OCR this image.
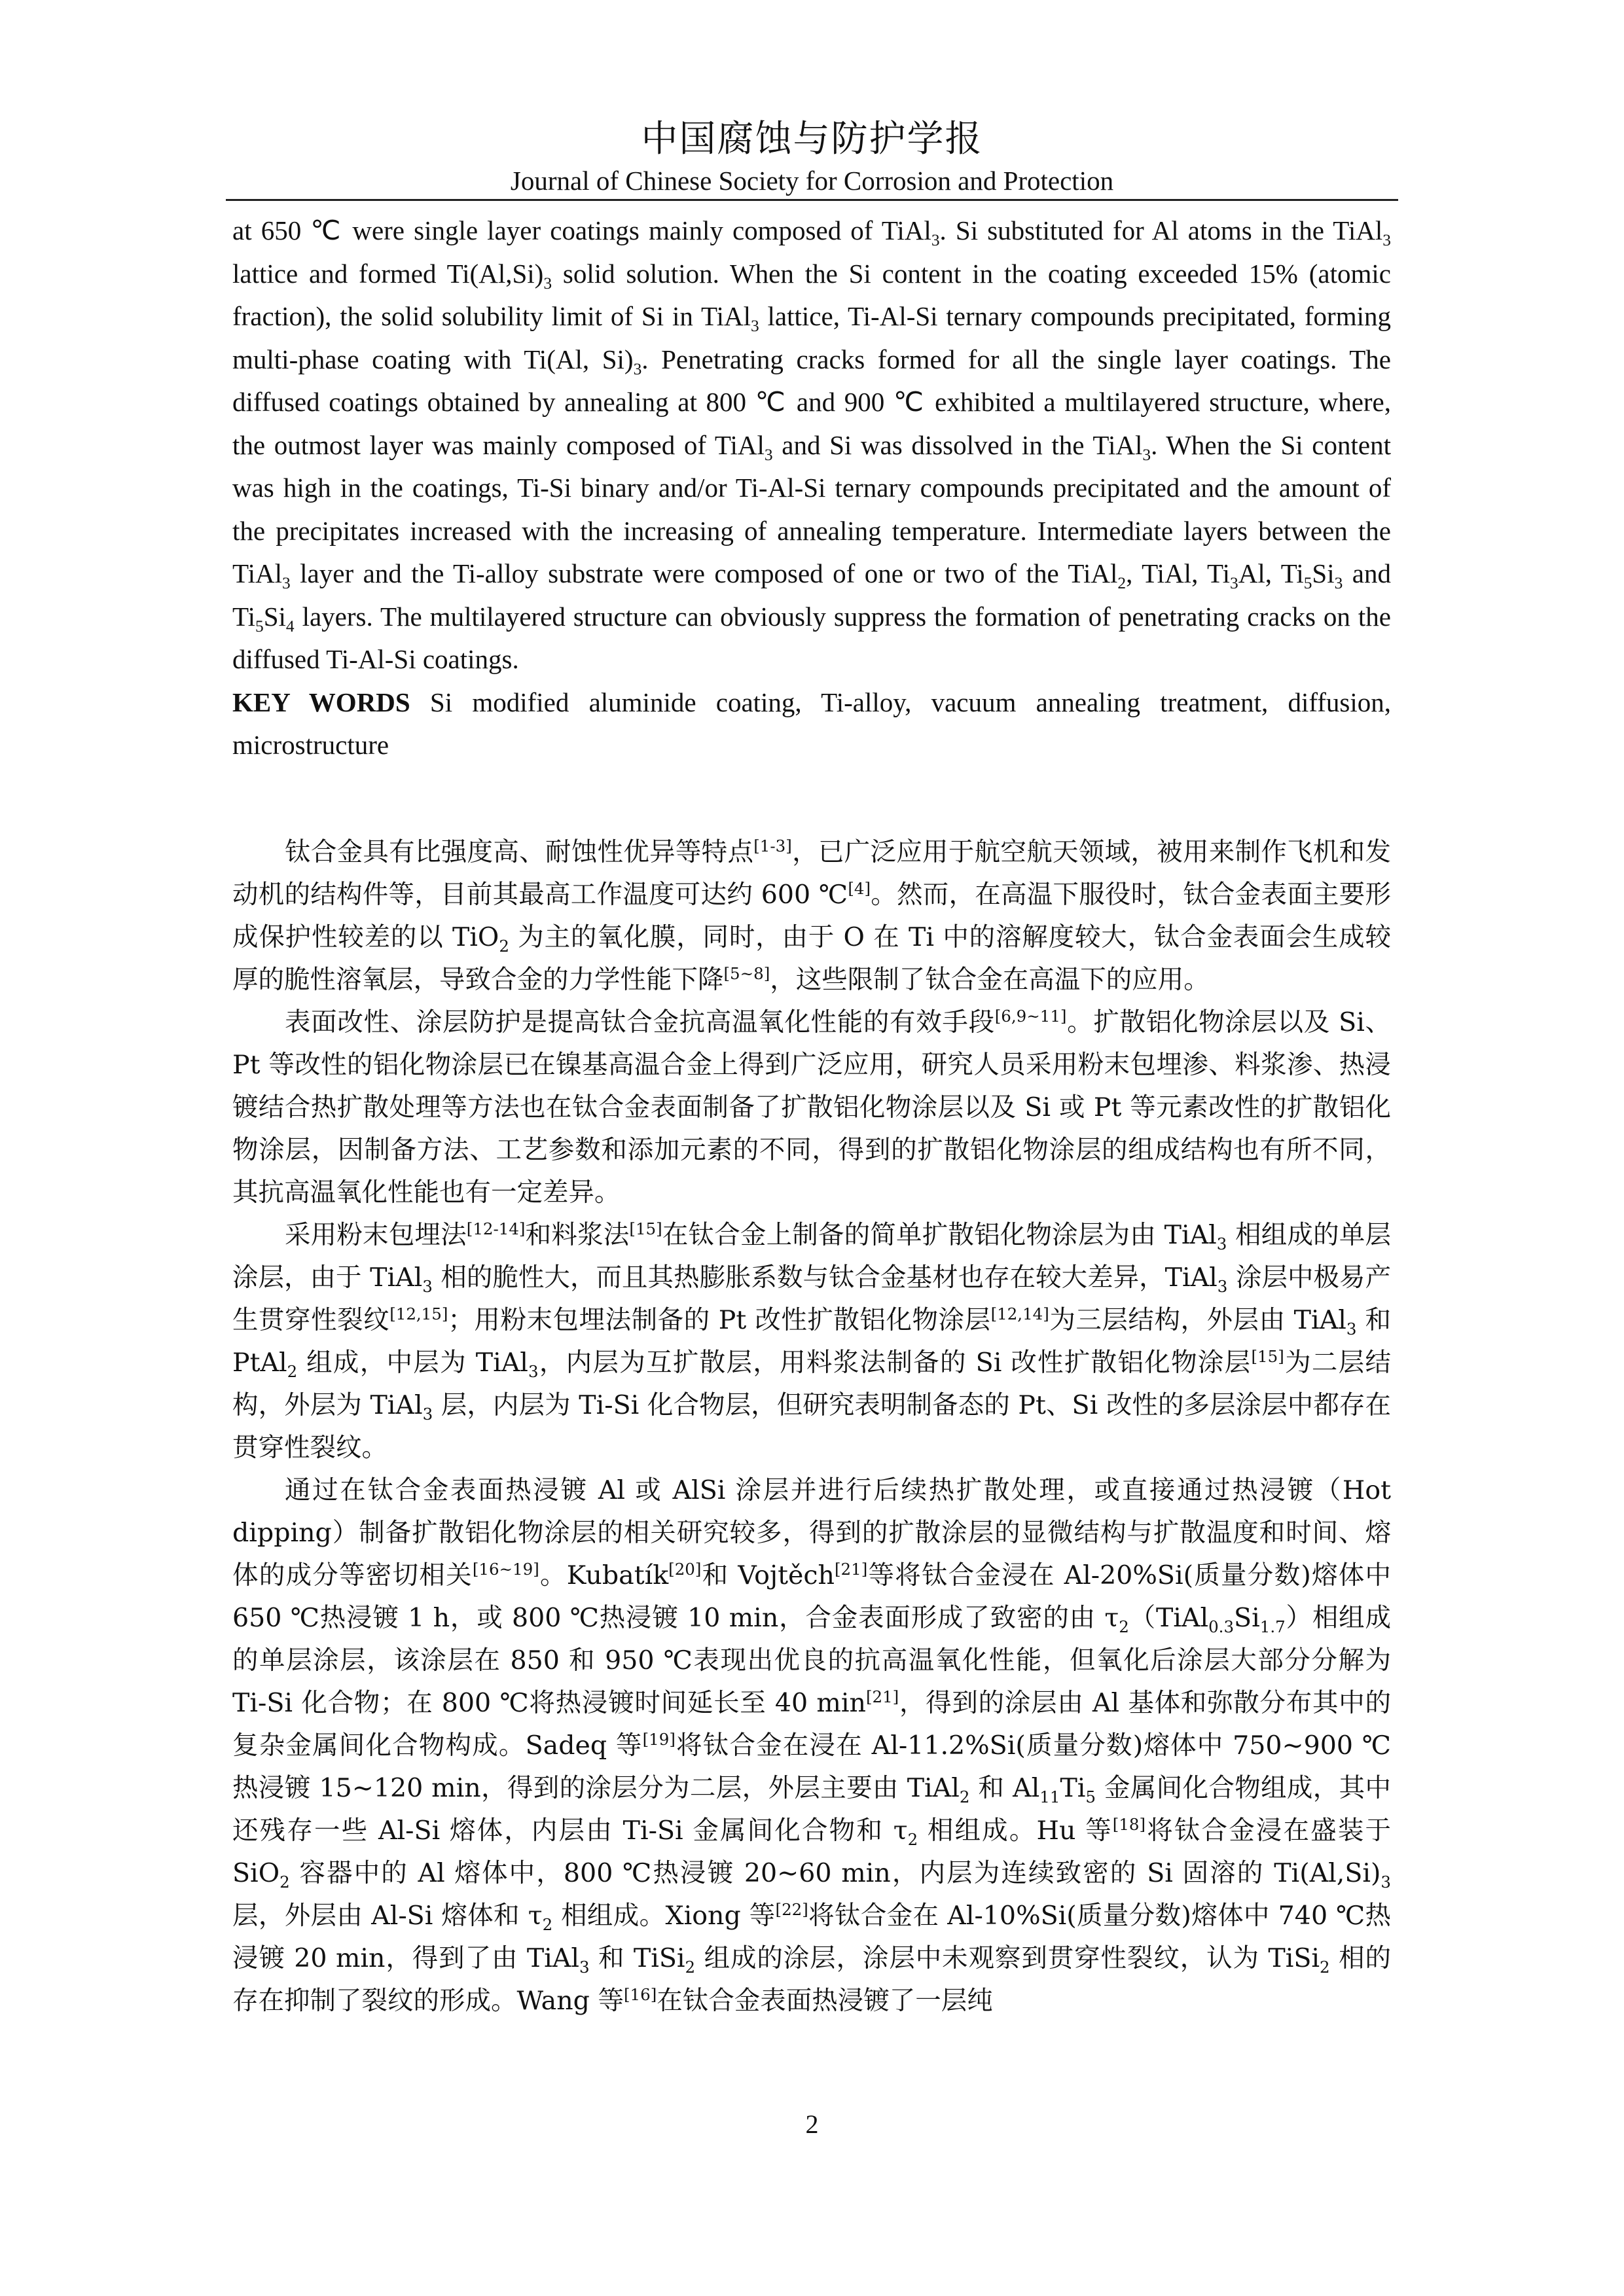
中国腐蚀与防护学报
Journal of Chinese Society for Corrosion and Protection

at 650 ℃ were single layer coatings mainly composed of TiAl$_3$. Si substituted for Al atoms in the TiAl$_3$ lattice and formed $Ti(Al,Si)_3$ solid solution. When the Si content in the coating exceeded 15% (atomic fraction), the solid solubility limit of Si in TiAl$_3$ lattice, Ti-Al-Si ternary compounds precipitated, forming multi-phase coating with Ti(Al, $Si)_3$. Penetrating cracks formed for all the single layer coatings. The diffused coatings obtained by annealing at 800 ℃ and 900 ℃ exhibited a multilayered structure, where, the outmost layer was mainly composed of TiAl$_3$ and Si was dissolved in the TiAl$_3$. When the Si content was high in the coatings, Ti-Si binary and/or Ti-Al-Si ternary compounds precipitated and the amount of the precipitates increased with the increasing of annealing temperature. Intermediate layers between the TiAl$_3$ layer and the Ti-alloy substrate were composed of one or two of the TiAl$_2$, TiAl, $Ti_3Al$, $Ti_5Si_3$ and $Ti_5Si_4$ layers. The multilayered structure can obviously suppress the formation of penetrating cracks on the diffused Ti-Al-Si coatings.

KEY WORDS Si modified aluminide coating, Ti-alloy, vacuum annealing treatment, diffusion, microstructure

钛合金具有比强度高、耐蚀性优异等特点[1-3]，已广泛应用于航空航天领域，被用来制作飞机和发动机的结构件等，目前其最高工作温度可达约 600 ℃[4]。然而，在高温下服役时，钛合金表面主要形成保护性较差的以 TiO$_2$ 为主的氧化膜，同时，由于 O 在 Ti 中的溶解度较大，钛合金表面会生成较厚的脆性溶氧层，导致合金的力学性能下降[5~8]，这些限制了钛合金在高温下的应用。

表面改性、涂层防护是提高钛合金抗高温氧化性能的有效手段[6,9~11]。扩散铝化物涂层以及 Si、Pt 等改性的铝化物涂层已在镍基高温合金上得到广泛应用，研究人员采用粉末包埋渗、料浆渗、热浸镀结合热扩散处理等方法也在钛合金表面制备了扩散铝化物涂层以及 Si 或 Pt 等元素改性的扩散铝化物涂层，因制备方法、工艺参数和添加元素的不同，得到的扩散铝化物涂层的组成结构也有所不同，其抗高温氧化性能也有一定差异。

采用粉末包埋法[12-14]和料浆法[15]在钛合金上制备的简单扩散铝化物涂层为由 TiAl$_3$ 相组成的单层涂层，由于 TiAl$_3$ 相的脆性大，而且其热膨胀系数与钛合金基材也存在较大差异，TiAl$_3$ 涂层中极易产生贯穿性裂纹[12,15]；用粉末包埋法制备的 Pt 改性扩散铝化物涂层[12,14]为三层结构，外层由 TiAl$_3$ 和 PtAl$_2$ 组成，中层为 TiAl$_3$，内层为互扩散层，用料浆法制备的 Si 改性扩散铝化物涂层[15]为二层结构，外层为 TiAl$_3$ 层，内层为 Ti-Si 化合物层，但研究表明制备态的 Pt、Si 改性的多层涂层中都存在贯穿性裂纹。

通过在钛合金表面热浸镀 Al 或 AlSi 涂层并进行后续热扩散处理，或直接通过热浸镀（Hot dipping）制备扩散铝化物涂层的相关研究较多，得到的扩散涂层的显微结构与扩散温度和时间、熔体的成分等密切相关[16~19]。Kubatík[20]和 Vojtěch[21]等将钛合金浸在 Al-20%Si(质量分数)熔体中 650 ℃热浸镀 1 h，或 800 ℃热浸镀 10 min，合金表面形成了致密的由 $\tau_2(TiAl_{0.3}Si_{1.7})$相组成的单层涂层，该涂层在 850 和 950 ℃表现出优良的抗高温氧化性能，但氧化后涂层大部分分解为 Ti-Si 化合物；在 800 ℃将热浸镀时间延长至 40 min[21]，得到的涂层由 Al 基体和弥散分布其中的复杂金属间化合物构成。Sadeq 等[19]将钛合金在浸在 Al-11.2%Si(质量分数)熔体中 750~900 ℃热浸镀 15~120 min，得到的涂层分为二层，外层主要由 TiAl$_2$ 和 $Al_{11}Ti_5$ 金属间化合物组成，其中还残存一些 Al-Si 熔体，内层由 Ti-Si 金属间化合物和 $\tau_2$ 相组成。Hu 等[18]将钛合金浸在盛装于 SiO$_2$ 容器中的 Al 熔体中，800 ℃热浸镀 20~60 min，内层为连续致密的 Si 固溶的 $Ti(Al,Si)_3$ 层，外层由 Al-Si 熔体和 $\tau_2$ 相组成。Xiong 等[22]将钛合金在 Al-10%Si(质量分数)熔体中 740 ℃热浸镀 20 min，得到了由 TiAl$_3$ 和 TiSi$_2$ 组成的涂层，涂层中未观察到贯穿性裂纹，认为 TiSi$_2$ 相的存在抑制了裂纹的形成。Wang 等[16]在钛合金表面热浸镀了一层纯

2
